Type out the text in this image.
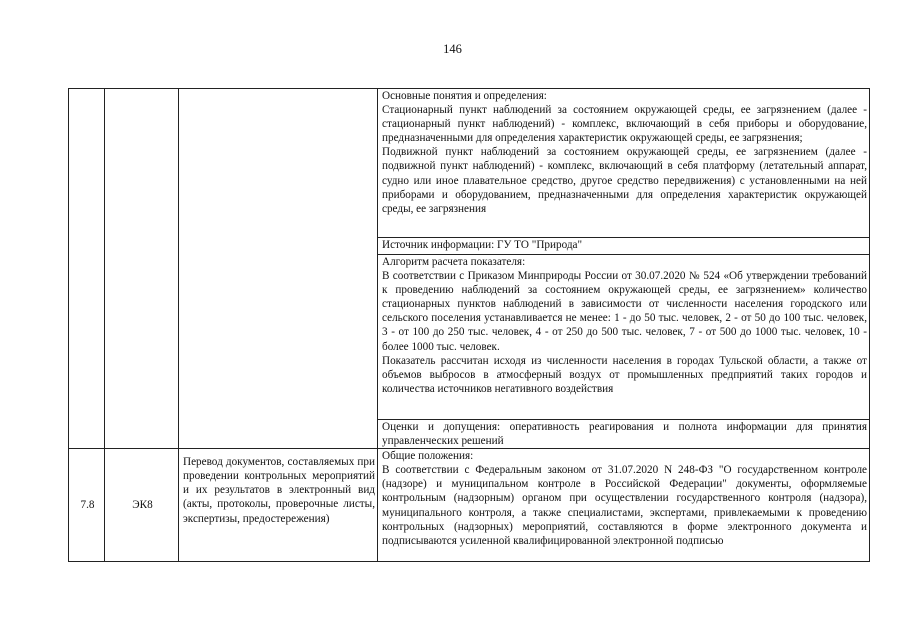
146

			Основные понятия и определения:
Стационарный пункт наблюдений за состоянием окружающей среды, ее загрязнением (далее - стационарный пункт наблюдений) - комплекс, включающий в себя приборы и оборудование, предназначенными для определения характеристик окружающей среды, ее загрязнения;
Подвижной пункт наблюдений за состоянием окружающей среды, ее загрязнением (далее - подвижной пункт наблюдений) - комплекс, включающий в себя платформу (летательный аппарат, судно или иное плавательное средство, другое средство передвижения) с установленными на ней приборами и оборудованием, предназначенными для определения характеристик окружающей среды, ее загрязнения

			Источник информации: ГУ ТО "Природа"

			Алгоритм расчета показателя:
В соответствии с Приказом Минприроды России от 30.07.2020 № 524 «Об утверждении требований к проведению наблюдений за состоянием окружающей среды, ее загрязнением» количество стационарных пунктов наблюдений в зависимости от численности населения городского или сельского поселения устанавливается не менее: 1 - до 50 тыс. человек, 2 - от 50 до 100 тыс. человек, 3 - от 100 до 250 тыс. человек, 4 - от 250 до 500 тыс. человек, 7 - от 500 до 1000 тыс. человек, 10 - более 1000 тыс. человек.
Показатель рассчитан исходя из численности населения в городах Тульской области, а также от объемов выбросов в атмосферный воздух от промышленных предприятий таких городов и количества источников негативного воздействия

			Оценки и допущения: оперативность реагирования и полнота информации для принятия управленческих решений

7.8	ЭК8	Перевод документов, составляемых при проведении контрольных мероприятий и их результатов в электронный вид (акты, протоколы, проверочные листы, экспертизы, предостережения)	Общие положения:
В соответствии с Федеральным законом от 31.07.2020 N 248-ФЗ "О государственном контроле (надзоре) и муниципальном контроле в Российской Федерации" документы, оформляемые контрольным (надзорным) органом при осуществлении государственного контроля (надзора), муниципального контроля, а также специалистами, экспертами, привлекаемыми к проведению контрольных (надзорных) мероприятий, составляются в форме электронного документа и подписываются усиленной квалифицированной электронной подписью
